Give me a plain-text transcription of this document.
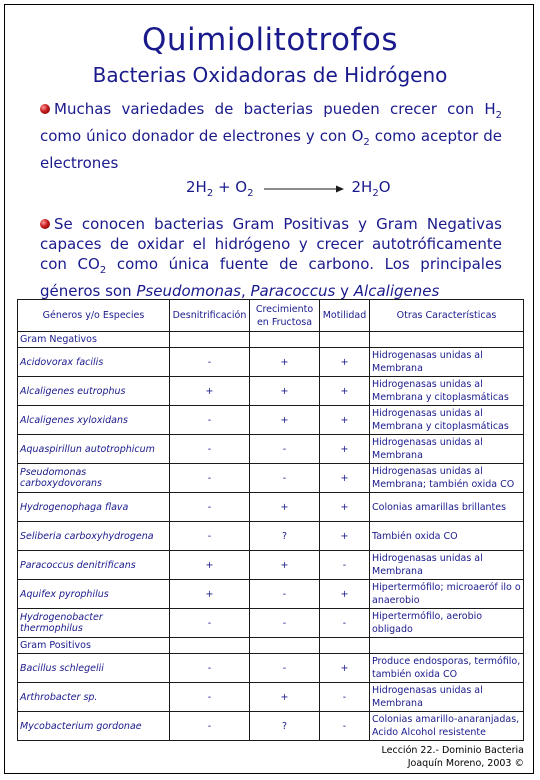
Quimiolitotrofos
Bacterias Oxidadoras de Hidrógeno
Muchas variedades de bacterias pueden crecer con $H_2$ como único donador de electrones y con $O_2$ como aceptor de electrones
$2H_2 + O_2$	$2H_2O$
Se conocen bacterias Gram Positivas y Gram Negativas capaces de oxidar el hidrógeno y crecer autotróficamente con $CO_2$ como única fuente de carbono. Los principales géneros son Pseudomonas, Paracoccus y Alcaligenes
Géneros y/o Especies	Desnitrificación	Crecimiento en Fructosa	Motilidad	Otras Características
Gram Negativos				
Acidovorax facilis	-	+	+	Hidrogenasas unidas al Membrana
Alcaligenes eutrophus	+	+	+	Hidrogenasas unidas al Membrana y citoplasmáticas
Alcaligenes xyloxidans	-	+	+	Hidrogenasas unidas al Membrana y citoplasmáticas
Aquaspirillun autotrophicum	-	-	+	Hidrogenasas unidas al Membrana
Pseudomonas carboxydovorans	-	-	+	Hidrogenasas unidas al Membrana; también oxida CO
Hydrogenophaga flava	-	+	+	Colonias amarillas brillantes
Seliberia carboxyhydrogena	-	?	+	También oxida CO
Paracoccus denitrificans	+	+	-	Hidrogenasas unidas al Membrana
Aquifex pyrophilus	+	-	+	Hipertermófilo; microaeróf ilo o anaerobio
Hydrogenobacter thermophilus	-	-	-	Hipertermófilo, aerobio obligado
Gram Positivos				
Bacillus schlegelii	-	-	+	Produce endosporas, termófilo, también oxida CO
Arthrobacter sp.	-	+	-	Hidrogenasas unidas al Membrana
Mycobacterium gordonae	-	?	-	Colonias amarillo-anaranjadas, Acido Alcohol resistente
Lección 22.- Dominio Bacteria
Joaquín Moreno, 2003 ©
